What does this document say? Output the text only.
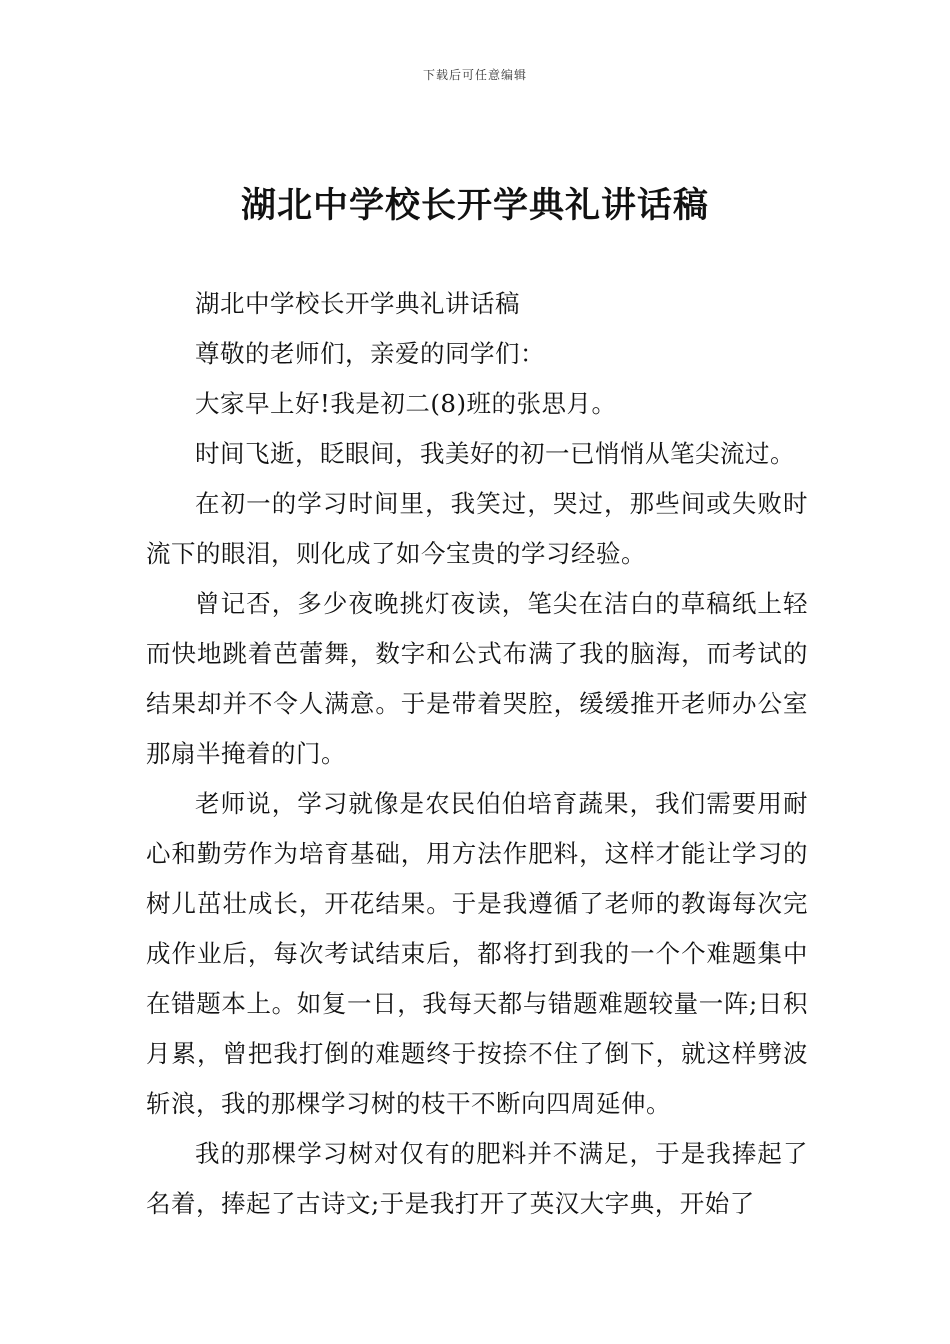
下载后可任意编辑
湖北中学校长开学典礼讲话稿

湖北中学校长开学典礼讲话稿

尊敬的老师们，亲爱的同学们：

大家早上好!我是初二(8)班的张思月。

时间飞逝，眨眼间，我美好的初一已悄悄从笔尖流过。

在初一的学习时间里，我笑过，哭过，那些间或失败时流下的眼泪，则化成了如今宝贵的学习经验。

曾记否，多少夜晚挑灯夜读，笔尖在洁白的草稿纸上轻而快地跳着芭蕾舞，数字和公式布满了我的脑海，而考试的结果却并不令人满意。于是带着哭腔，缓缓推开老师办公室那扇半掩着的门。

老师说，学习就像是农民伯伯培育蔬果，我们需要用耐心和勤劳作为培育基础，用方法作肥料，这样才能让学习的树儿茁壮成长，开花结果。于是我遵循了老师的教诲每次完成作业后，每次考试结束后，都将打到我的一个个难题集中在错题本上。如复一日，我每天都与错题难题较量一阵;日积月累，曾把我打倒的难题终于按捺不住了倒下，就这样劈波斩浪，我的那棵学习树的枝干不断向四周延伸。

我的那棵学习树对仅有的肥料并不满足，于是我捧起了名着，捧起了古诗文;于是我打开了英汉大字典，开始了
